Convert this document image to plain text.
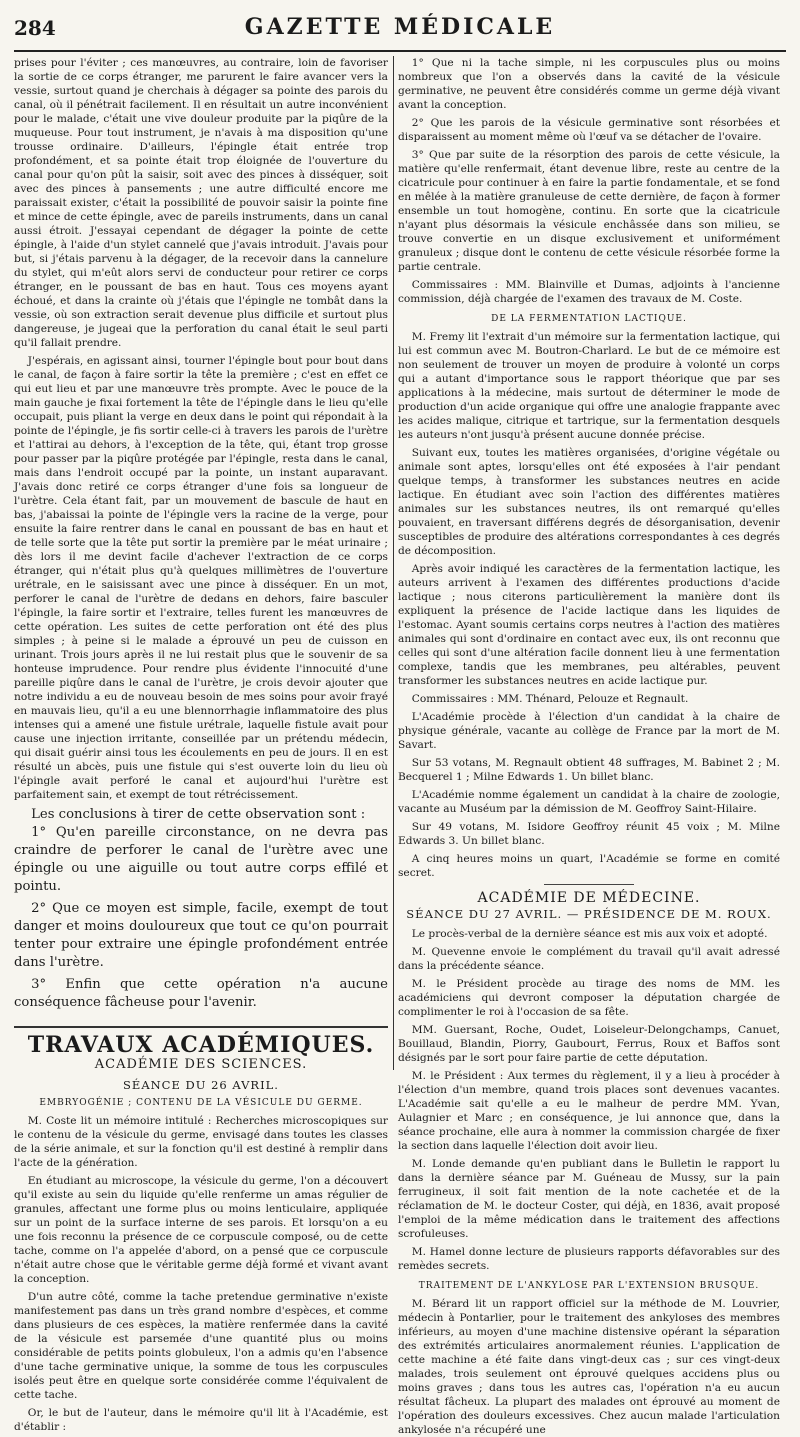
284	GAZETTE MÉDICALE

prises pour l'éviter ; ces manœuvres, au contraire, loin de favoriser la sortie de ce corps étranger, me parurent le faire avancer vers la vessie, surtout quand je cherchais à dégager sa pointe des parois du canal, où il pénétrait facilement. Il en résultait un autre inconvénient pour le malade, c'était une vive douleur produite par la piqûre de la muqueuse. Pour tout instrument, je n'avais à ma disposition qu'une trousse ordinaire. D'ailleurs, l'épingle était entrée trop profondément, et sa pointe était trop éloignée de l'ouverture du canal pour qu'on pût la saisir, soit avec des pinces à disséquer, soit avec des pinces à pansements ; une autre difficulté encore me paraissait exister, c'était la possibilité de pouvoir saisir la pointe fine et mince de cette épingle, avec de pareils instruments, dans un canal aussi étroit. J'essayai cependant de dégager la pointe de cette épingle, à l'aide d'un stylet cannelé que j'avais introduit. J'avais pour but, si j'étais parvenu à la dégager, de la recevoir dans la cannelure du stylet, qui m'eût alors servi de conducteur pour retirer ce corps étranger, en le poussant de bas en haut. Tous ces moyens ayant échoué, et dans la crainte où j'étais que l'épingle ne tombât dans la vessie, où son extraction serait devenue plus difficile et surtout plus dangereuse, je jugeai que la perforation du canal était le seul parti qu'il fallait prendre.

J'espérais, en agissant ainsi, tourner l'épingle bout pour bout dans le canal, de façon à faire sortir la tête la première ; c'est en effet ce qui eut lieu et par une manœuvre très prompte. Avec le pouce de la main gauche je fixai fortement la tête de l'épingle dans le lieu qu'elle occupait, puis pliant la verge en deux dans le point qui répondait à la pointe de l'épingle, je fis sortir celle-ci à travers les parois de l'urètre et l'attirai au dehors, à l'exception de la tête, qui, étant trop grosse pour passer par la piqûre protégée par l'épingle, resta dans le canal, mais dans l'endroit occupé par la pointe, un instant auparavant. J'avais donc retiré ce corps étranger d'une fois sa longueur de l'urètre. Cela étant fait, par un mouvement de bascule de haut en bas, j'abaissai la pointe de l'épingle vers la racine de la verge, pour ensuite la faire rentrer dans le canal en poussant de bas en haut et de telle sorte que la tête put sortir la première par le méat urinaire ; dès lors il me devint facile d'achever l'extraction de ce corps étranger, qui n'était plus qu'à quelques millimètres de l'ouverture urétrale, en le saisissant avec une pince à disséquer. En un mot, perforer le canal de l'urètre de dedans en dehors, faire basculer l'épingle, la faire sortir et l'extraire, telles furent les manœuvres de cette opération. Les suites de cette perforation ont été des plus simples ; à peine si le malade a éprouvé un peu de cuisson en urinant. Trois jours après il ne lui restait plus que le souvenir de sa honteuse imprudence. Pour rendre plus évidente l'innocuité d'une pareille piqûre dans le canal de l'urètre, je crois devoir ajouter que notre individu a eu de nouveau besoin de mes soins pour avoir frayé en mauvais lieu, qu'il a eu une blennorrhagie inflammatoire des plus intenses qui a amené une fistule urétrale, laquelle fistule avait pour cause une injection irritante, conseillée par un prétendu médecin, qui disait guérir ainsi tous les écoulements en peu de jours. Il en est résulté un abcès, puis une fistule qui s'est ouverte loin du lieu où l'épingle avait perforé le canal et aujourd'hui l'urètre est parfaitement sain, et exempt de tout rétrécissement.

Les conclusions à tirer de cette observation sont :

1° Qu'en pareille circonstance, on ne devra pas craindre de perforer le canal de l'urètre avec une épingle ou une aiguille ou tout autre corps effilé et pointu.

2° Que ce moyen est simple, facile, exempt de tout danger et moins douloureux que tout ce qu'on pourrait tenter pour extraire une épingle profondément entrée dans l'urètre.

3° Enfin que cette opération n'a aucune conséquence fâcheuse pour l'avenir.

TRAVAUX ACADÉMIQUES.
ACADÉMIE DES SCIENCES.
SÉANCE DU 26 AVRIL.
EMBRYOGÉNIE ; CONTENU DE LA VÉSICULE DU GERME.

M. Coste lit un mémoire intitulé : Recherches microscopiques sur le contenu de la vésicule du germe, envisagé dans toutes les classes de la série animale, et sur la fonction qu'il est destiné à remplir dans l'acte de la génération.

En étudiant au microscope, la vésicule du germe, l'on a découvert qu'il existe au sein du liquide qu'elle renferme un amas régulier de granules, affectant une forme plus ou moins lenticulaire, appliquée sur un point de la surface interne de ses parois. Et lorsqu'on a eu une fois reconnu la présence de ce corpuscule composé, ou de cette tache, comme on l'a appelée d'abord, on a pensé que ce corpuscule n'était autre chose que le véritable germe déjà formé et vivant avant la conception.

D'un autre côté, comme la tache pretendue germinative n'existe manifestement pas dans un très grand nombre d'espèces, et comme dans plusieurs de ces espèces, la matière renfermée dans la cavité de la vésicule est parsemée d'une quantité plus ou moins considérable de petits points globuleux, l'on a admis qu'en l'absence d'une tache germinative unique, la somme de tous les corpuscules isolés peut être en quelque sorte considérée comme l'équivalent de cette tache.

Or, le but de l'auteur, dans le mémoire qu'il lit à l'Académie, est d'établir :

1° Que ni la tache simple, ni les corpuscules plus ou moins nombreux que l'on a observés dans la cavité de la vésicule germinative, ne peuvent être considérés comme un germe déjà vivant avant la conception.

2° Que les parois de la vésicule germinative sont résorbées et disparaissent au moment même où l'œuf va se détacher de l'ovaire.

3° Que par suite de la résorption des parois de cette vésicule, la matière qu'elle renfermait, étant devenue libre, reste au centre de la cicatricule pour continuer à en faire la partie fondamentale, et se fond en mêlée à la matière granuleuse de cette dernière, de façon à former ensemble un tout homogène, continu. En sorte que la cicatricule n'ayant plus désormais la vésicule enchâssée dans son milieu, se trouve convertie en un disque exclusivement et uniformément granuleux ; disque dont le contenu de cette vésicule résorbée forme la partie centrale.

Commissaires : MM. Blainville et Dumas, adjoints à l'ancienne commission, déjà chargée de l'examen des travaux de M. Coste.

DE LA FERMENTATION LACTIQUE.

M. Fremy lit l'extrait d'un mémoire sur la fermentation lactique, qui lui est commun avec M. Boutron-Charlard. Le but de ce mémoire est non seulement de trouver un moyen de produire à volonté un corps qui a autant d'importance sous le rapport théorique que par ses applications à la médecine, mais surtout de déterminer le mode de production d'un acide organique qui offre une analogie frappante avec les acides malique, citrique et tartrique, sur la fermentation desquels les auteurs n'ont jusqu'à présent aucune donnée précise.

Suivant eux, toutes les matières organisées, d'origine végétale ou animale sont aptes, lorsqu'elles ont été exposées à l'air pendant quelque temps, à transformer les substances neutres en acide lactique. En étudiant avec soin l'action des différentes matières animales sur les substances neutres, ils ont remarqué qu'elles pouvaient, en traversant différens degrés de désorganisation, devenir susceptibles de produire des altérations correspondantes à ces degrés de décomposition.

Après avoir indiqué les caractères de la fermentation lactique, les auteurs arrivent à l'examen des différentes productions d'acide lactique ; nous citerons particulièrement la manière dont ils expliquent la présence de l'acide lactique dans les liquides de l'estomac. Ayant soumis certains corps neutres à l'action des matières animales qui sont d'ordinaire en contact avec eux, ils ont reconnu que celles qui sont d'une altération facile donnent lieu à une fermentation complexe, tandis que les membranes, peu altérables, peuvent transformer les substances neutres en acide lactique pur.

Commissaires : MM. Thénard, Pelouze et Regnault.

L'Académie procède à l'élection d'un candidat à la chaire de physique générale, vacante au collège de France par la mort de M. Savart.

Sur 53 votans, M. Regnault obtient 48 suffrages, M. Babinet 2 ; M. Becquerel 1 ; Milne Edwards 1. Un billet blanc.

L'Académie nomme également un candidat à la chaire de zoologie, vacante au Muséum par la démission de M. Geoffroy Saint-Hilaire.

Sur 49 votans, M. Isidore Geoffroy réunit 45 voix ; M. Milne Edwards 3. Un billet blanc.

A cinq heures moins un quart, l'Académie se forme en comité secret.

ACADÉMIE DE MÉDECINE.
SÉANCE DU 27 AVRIL. — PRÉSIDENCE DE M. ROUX.

Le procès-verbal de la dernière séance est mis aux voix et adopté.

M. Quevenne envoie le complément du travail qu'il avait adressé dans la précédente séance.

M. le Président procède au tirage des noms de MM. les académiciens qui devront composer la députation chargée de complimenter le roi à l'occasion de sa fête.

MM. Guersant, Roche, Oudet, Loiseleur-Delongchamps, Canuet, Bouillaud, Blandin, Piorry, Gaubourt, Ferrus, Roux et Baffos sont désignés par le sort pour faire partie de cette députation.

M. le Président : Aux termes du règlement, il y a lieu à procéder à l'élection d'un membre, quand trois places sont devenues vacantes. L'Académie sait qu'elle a eu le malheur de perdre MM. Yvan, Aulagnier et Marc ; en conséquence, je lui annonce que, dans la séance prochaine, elle aura à nommer la commission chargée de fixer la section dans laquelle l'élection doit avoir lieu.

M. Londe demande qu'en publiant dans le Bulletin le rapport lu dans la dernière séance par M. Guéneau de Mussy, sur la pain ferrugineux, il soit fait mention de la note cachetée et de la réclamation de M. le docteur Coster, qui déjà, en 1836, avait proposé l'emploi de la même médication dans le traitement des affections scrofuleuses.

M. Hamel donne lecture de plusieurs rapports défavorables sur des remèdes secrets.

TRAITEMENT DE L'ANKYLOSE PAR L'EXTENSION BRUSQUE.

M. Bérard lit un rapport officiel sur la méthode de M. Louvrier, médecin à Pontarlier, pour le traitement des ankyloses des membres inférieurs, au moyen d'une machine distensive opérant la séparation des extrémités articulaires anormalement réunies. L'application de cette machine a été faite dans vingt-deux cas ; sur ces vingt-deux malades, trois seulement ont éprouvé quelques accidens plus ou moins graves ; dans tous les autres cas, l'opération n'a eu aucun résultat fâcheux. La plupart des malades ont éprouvé au moment de l'opération des douleurs excessives. Chez aucun malade l'articulation ankylosée n'a récupéré une
